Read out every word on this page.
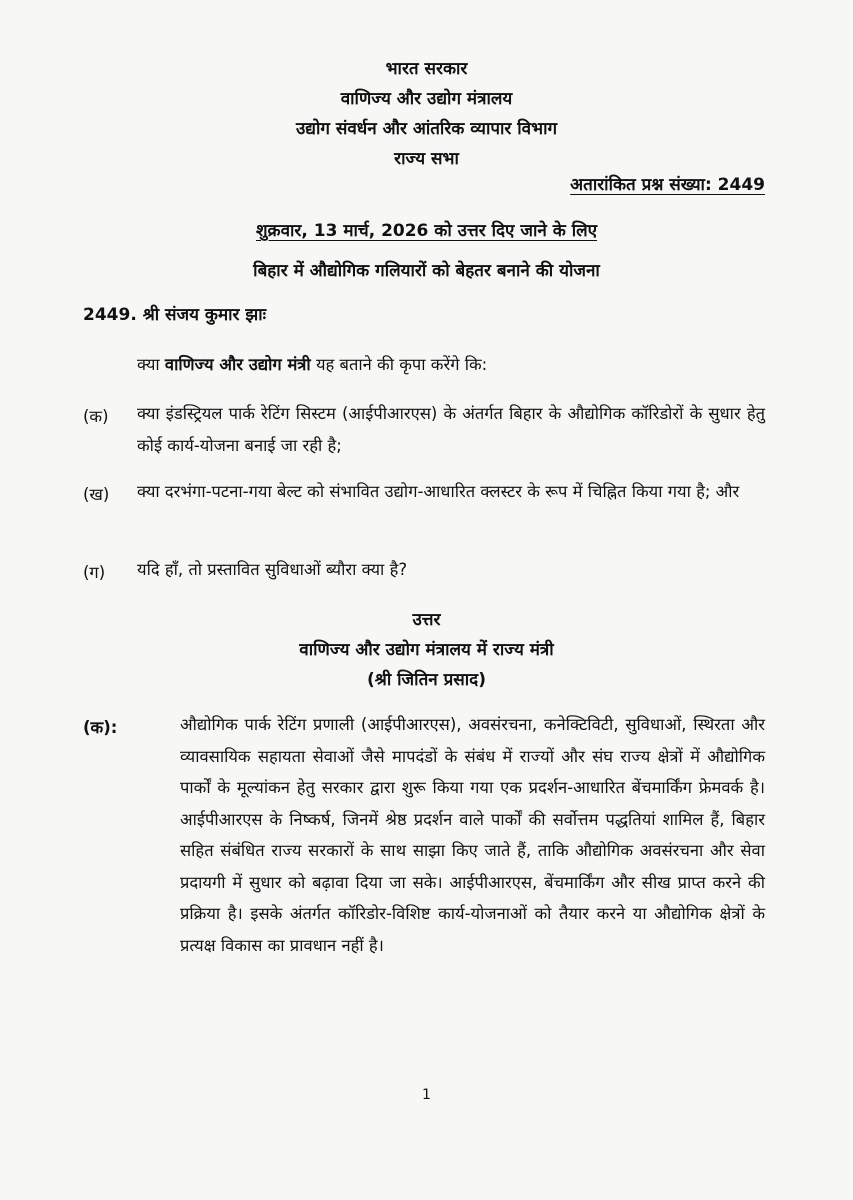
भारत सरकार
वाणिज्य और उद्योग मंत्रालय
उद्योग संवर्धन और आंतरिक व्यापार विभाग
राज्य सभा
अतारांकित प्रश्न संख्या: 2449
शुक्रवार, 13 मार्च, 2026 को उत्तर दिए जाने के लिए
बिहार में औद्योगिक गलियारों को बेहतर बनाने की योजना
2449. श्री संजय कुमार झाः
क्या वाणिज्य और उद्योग मंत्री यह बताने की कृपा करेंगे कि:
(क) क्या इंडस्ट्रियल पार्क रेटिंग सिस्टम (आईपीआरएस) के अंतर्गत बिहार के औद्योगिक कॉरिडोरों के सुधार हेतु कोई कार्य-योजना बनाई जा रही है;
(ख) क्या दरभंगा-पटना-गया बेल्ट को संभावित उद्योग-आधारित क्लस्टर के रूप में चिह्नित किया गया है; और
(ग) यदि हाँ, तो प्रस्तावित सुविधाओं ब्यौरा क्या है?
उत्तर
वाणिज्य और उद्योग मंत्रालय में राज्य मंत्री
(श्री जितिन प्रसाद)
(क):	औद्योगिक पार्क रेटिंग प्रणाली (आईपीआरएस), अवसंरचना, कनेक्टिविटी, सुविधाओं, स्थिरता और व्यावसायिक सहायता सेवाओं जैसे मापदंडों के संबंध में राज्यों और संघ राज्य क्षेत्रों में औद्योगिक पार्कों के मूल्यांकन हेतु सरकार द्वारा शुरू किया गया एक प्रदर्शन-आधारित बेंचमार्किंग फ्रेमवर्क है। आईपीआरएस के निष्कर्ष, जिनमें श्रेष्ठ प्रदर्शन वाले पार्कों की सर्वोत्तम पद्धतियां शामिल हैं, बिहार सहित संबंधित राज्य सरकारों के साथ साझा किए जाते हैं, ताकि औद्योगिक अवसंरचना और सेवा प्रदायगी में सुधार को बढ़ावा दिया जा सके। आईपीआरएस, बेंचमार्किंग और सीख प्राप्त करने की प्रक्रिया है। इसके अंतर्गत कॉरिडोर-विशिष्ट कार्य-योजनाओं को तैयार करने या औद्योगिक क्षेत्रों के प्रत्यक्ष विकास का प्रावधान नहीं है।
1
